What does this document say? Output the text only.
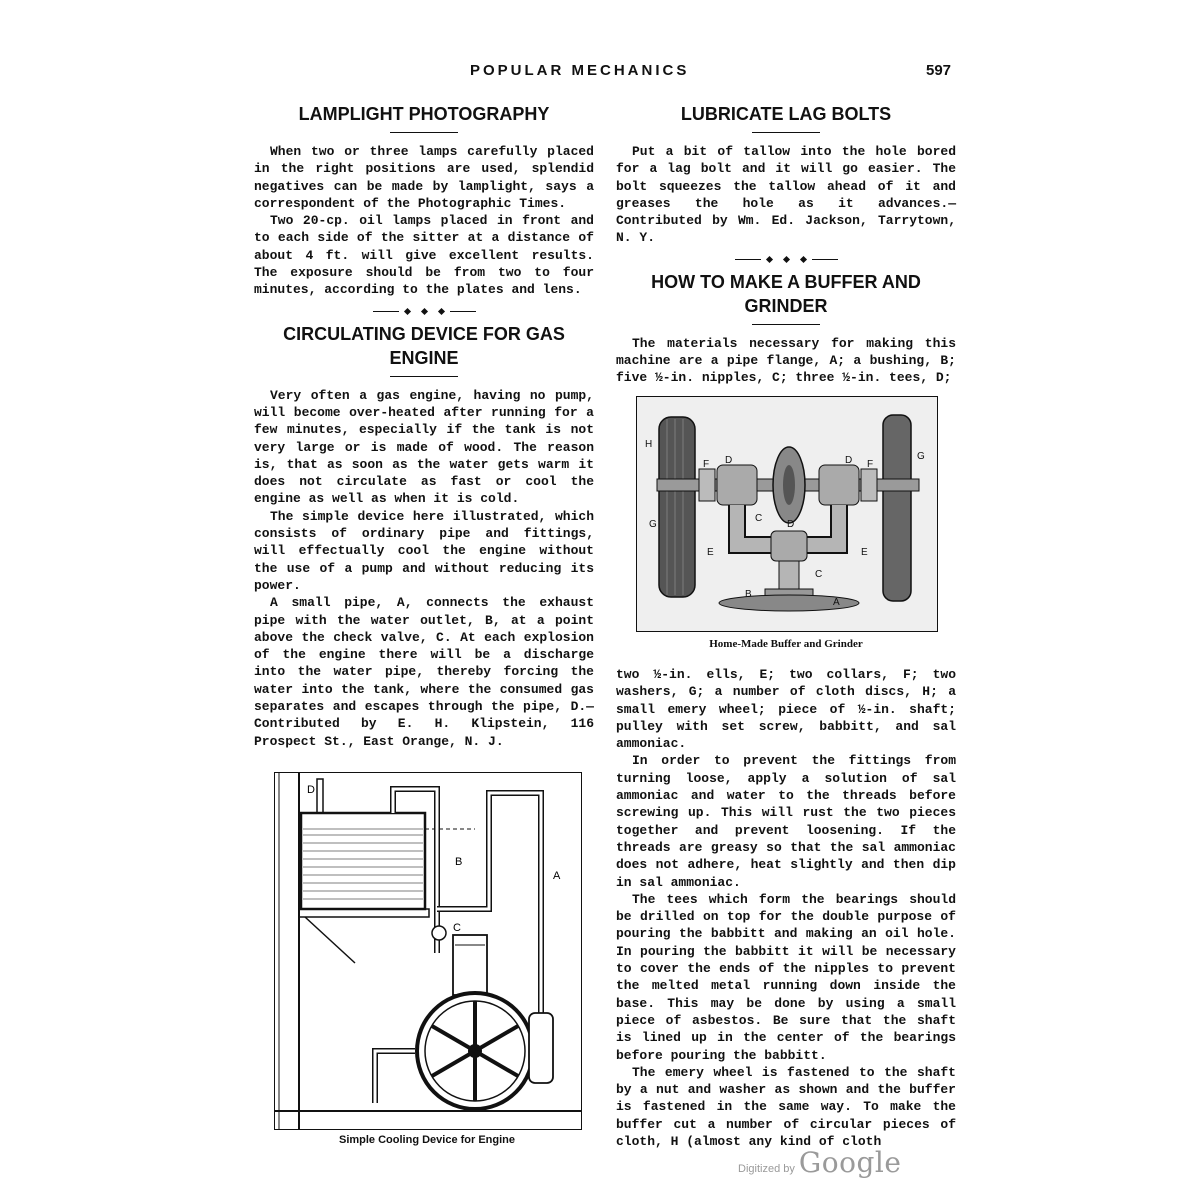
POPULAR MECHANICS	597
LAMPLIGHT PHOTOGRAPHY

When two or three lamps carefully placed in the right positions are used, splendid negatives can be made by lamplight, says a correspondent of the Photographic Times.

Two 20-cp. oil lamps placed in front and to each side of the sitter at a distance of about 4 ft. will give excellent results. The exposure should be from two to four minutes, according to the plates and lens.

CIRCULATING DEVICE FOR GAS
ENGINE

Very often a gas engine, having no pump, will become over-heated after running for a few minutes, especially if the tank is not very large or is made of wood. The reason is, that as soon as the water gets warm it does not circulate as fast or cool the engine as well as when it is cold.

The simple device here illustrated, which consists of ordinary pipe and fittings, will effectually cool the engine without the use of a pump and without reducing its power.

A small pipe, A, connects the exhaust pipe with the water outlet, B, at a point above the check valve, C. At each explosion of the engine there will be a discharge into the water pipe, thereby forcing the water into the tank, where the consumed gas separates and escapes through the pipe, D.—Contributed by E. H. Klipstein, 116 Prospect St., East Orange, N. J.

D
B
C
A
Simple Cooling Device for Engine
LUBRICATE LAG BOLTS

Put a bit of tallow into the hole bored for a lag bolt and it will go easier. The bolt squeezes the tallow ahead of it and greases the hole as it advances.—Contributed by Wm. Ed. Jackson, Tarrytown, N. Y.

HOW TO MAKE A BUFFER AND
GRINDER

The materials necessary for making this machine are a pipe flange, A; a bushing, B; five ½-in. nipples, C; three ½-in. tees, D;

H
F D	D F
G
G
C
D
E	E
C
B
A
Home-Made Buffer and Grinder

two ½-in. ells, E; two collars, F; two washers, G; a number of cloth discs, H; a small emery wheel; piece of ½-in. shaft; pulley with set screw, babbitt, and sal ammoniac.

In order to prevent the fittings from turning loose, apply a solution of sal ammoniac and water to the threads before screwing up. This will rust the two pieces together and prevent loosening. If the threads are greasy so that the sal ammoniac does not adhere, heat slightly and then dip in sal ammoniac.

The tees which form the bearings should be drilled on top for the double purpose of pouring the babbitt and making an oil hole. In pouring the babbitt it will be necessary to cover the ends of the nipples to prevent the melted metal running down inside the base. This may be done by using a small piece of asbestos. Be sure that the shaft is lined up in the center of the bearings before pouring the babbitt.

The emery wheel is fastened to the shaft by a nut and washer as shown and the buffer is fastened in the same way. To make the buffer cut a number of circular pieces of cloth, H (almost any kind of cloth

Digitized by Google
